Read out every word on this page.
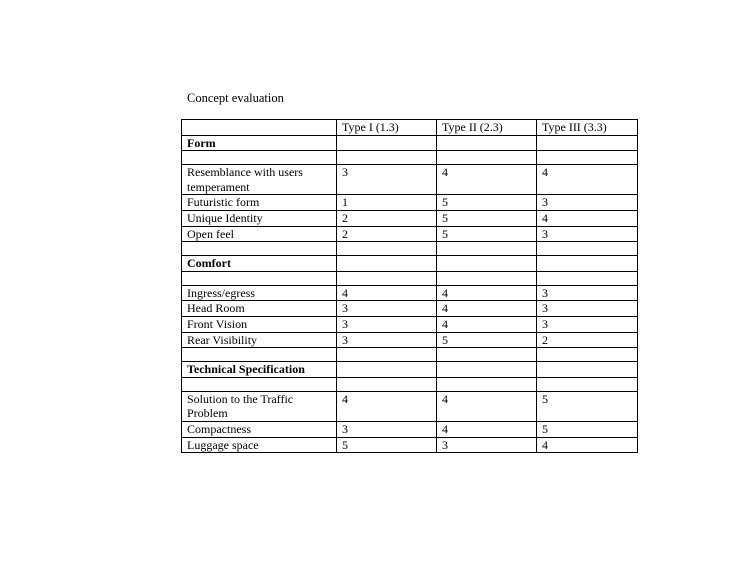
Concept evaluation
	Type I (1.3)	Type II (2.3)	Type III (3.3)
Form			

Resemblance with users temperament	3	4	4
Futuristic form	1	5	3
Unique Identity	2	5	4
Open feel	2	5	3

Comfort			

Ingress/egress	4	4	3
Head Room	3	4	3
Front Vision	3	4	3
Rear Visibility	3	5	2

Technical Specification			

Solution to the Traffic Problem	4	4	5
Compactness	3	4	5
Luggage space	5	3	4
